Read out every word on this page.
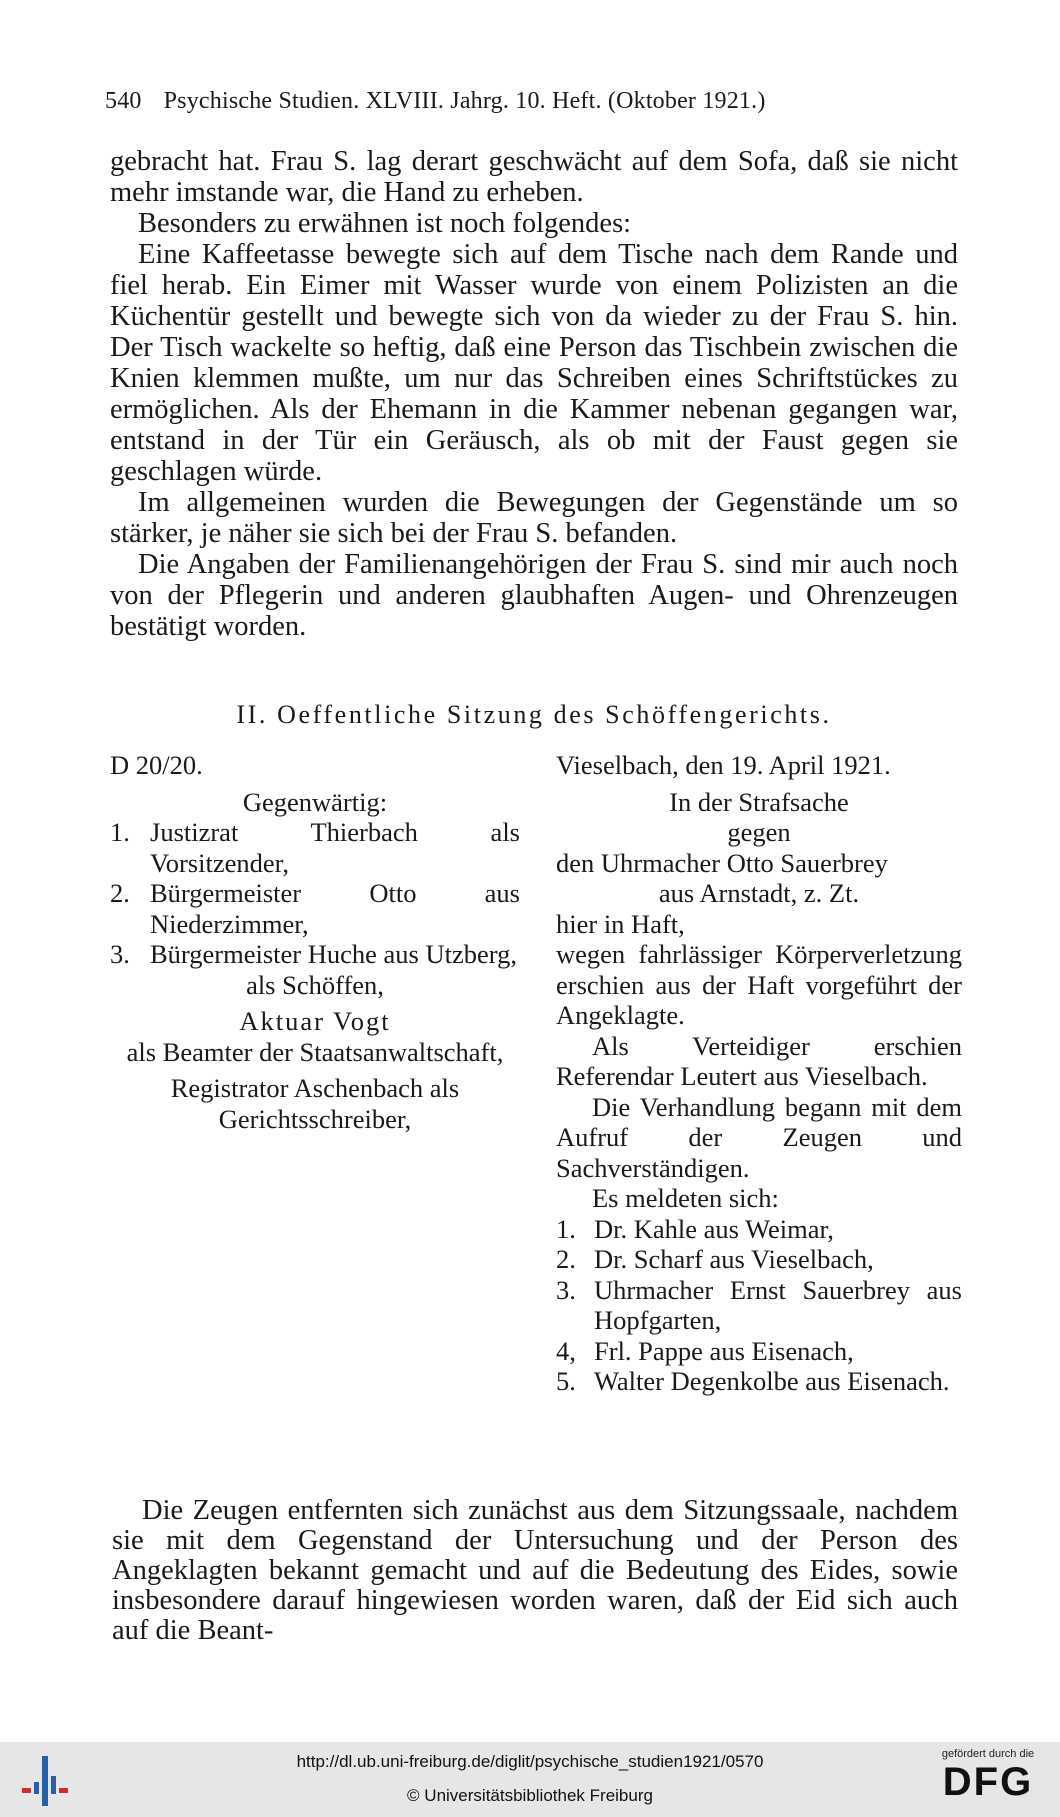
540 Psychische Studien. XLVIII. Jahrg. 10. Heft. (Oktober 1921.)

gebracht hat. Frau S. lag derart geschwächt auf dem Sofa, daß sie nicht mehr imstande war, die Hand zu erheben.

Besonders zu erwähnen ist noch folgendes:

Eine Kaffeetasse bewegte sich auf dem Tische nach dem Rande und fiel herab. Ein Eimer mit Wasser wurde von einem Polizisten an die Küchentür gestellt und bewegte sich von da wieder zu der Frau S. hin. Der Tisch wackelte so heftig, daß eine Person das Tischbein zwischen die Knien klemmen mußte, um nur das Schreiben eines Schriftstückes zu ermöglichen. Als der Ehemann in die Kammer nebenan gegangen war, entstand in der Tür ein Geräusch, als ob mit der Faust gegen sie geschlagen würde.

Im allgemeinen wurden die Bewegungen der Gegenstände um so stärker, je näher sie sich bei der Frau S. befanden.

Die Angaben der Familienangehörigen der Frau S. sind mir auch noch von der Pflegerin und anderen glaubhaften Augen- und Ohrenzeugen bestätigt worden.

II. Oeffentliche Sitzung des Schöffengerichts.

D 20/20.

Gegenwärtig:

1. Justizrat Thierbach als Vorsitzender,
2. Bürgermeister Otto aus Niederzimmer,
3. Bürgermeister Huche aus Utzberg,

als Schöffen,

Aktuar Vogt

als Beamter der Staatsanwaltschaft,

Registrator Aschenbach als Gerichtsschreiber,

Vieselbach, den 19. April 1921.

In der Strafsache

gegen

den Uhrmacher Otto Sauerbrey

aus Arnstadt, z. Zt.

hier in Haft,

wegen fahrlässiger Körperverletzung erschien aus der Haft vorgeführt der Angeklagte.

Als Verteidiger erschien Referendar Leutert aus Vieselbach.

Die Verhandlung begann mit dem Aufruf der Zeugen und Sachverständigen.

Es meldeten sich:

1. Dr. Kahle aus Weimar,
2. Dr. Scharf aus Vieselbach,
3. Uhrmacher Ernst Sauerbrey aus Hopfgarten,
4, Frl. Pappe aus Eisenach,
5. Walter Degenkolbe aus Eisenach.

Die Zeugen entfernten sich zunächst aus dem Sitzungssaale, nachdem sie mit dem Gegenstand der Untersuchung und der Person des Angeklagten bekannt gemacht und auf die Bedeutung des Eides, sowie insbesondere darauf hingewiesen worden waren, daß der Eid sich auch auf die Beant-

http://dl.ub.uni-freiburg.de/diglit/psychische_studien1921/0570
© Universitätsbibliothek Freiburg
gefördert durch die
DFG
